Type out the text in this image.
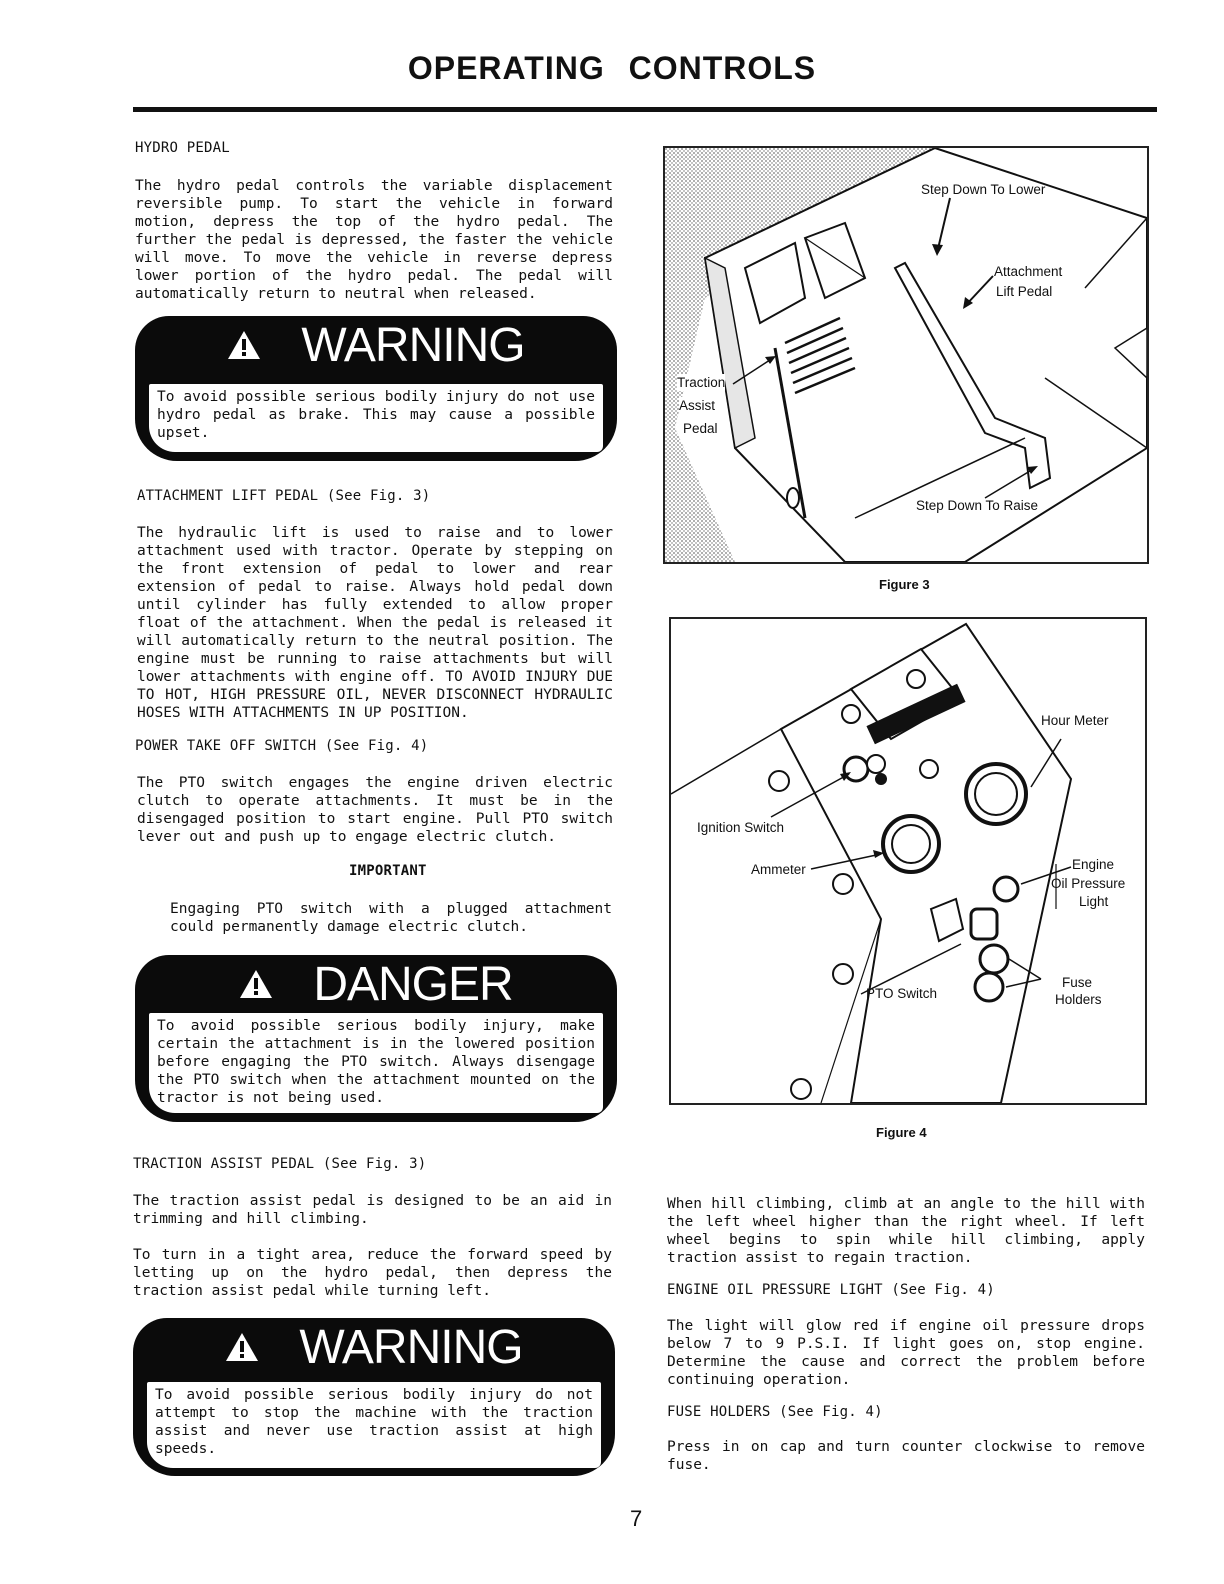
OPERATING CONTROLS
HYDRO PEDAL
The hydro pedal controls the variable displacement reversible pump. To start the vehicle in forward motion, depress the top of the hydro pedal. The further the pedal is depressed, the faster the vehicle will move. To move the vehicle in reverse depress lower portion of the hydro pedal. The pedal will automatically return to neutral when released.
WARNING
To avoid possible serious bodily injury do not use hydro pedal as brake. This may cause a possible upset.
ATTACHMENT LIFT PEDAL (See Fig. 3)
The hydraulic lift is used to raise and to lower attachment used with tractor. Operate by stepping on the front extension of pedal to lower and rear extension of pedal to raise. Always hold pedal down until cylinder has fully extended to allow proper float of the attachment. When the pedal is released it will automatically return to the neutral position. The engine must be running to raise attachments but will lower attachments with engine off. TO AVOID INJURY DUE TO HOT, HIGH PRESSURE OIL, NEVER DISCONNECT HYDRAULIC HOSES WITH ATTACHMENTS IN UP POSITION.
POWER TAKE OFF SWITCH (See Fig. 4)
The PTO switch engages the engine driven electric clutch to operate attachments. It must be in the disengaged position to start engine. Pull PTO switch lever out and push up to engage electric clutch.
IMPORTANT
Engaging PTO switch with a plugged attachment could permanently damage electric clutch.
DANGER
To avoid possible serious bodily injury, make certain the attachment is in the lowered position before engaging the PTO switch. Always disengage the PTO switch when the attachment mounted on the tractor is not being used.
TRACTION ASSIST PEDAL (See Fig. 3)
The traction assist pedal is designed to be an aid in trimming and hill climbing.
To turn in a tight area, reduce the forward speed by letting up on the hydro pedal, then depress the traction assist pedal while turning left.
WARNING
To avoid possible serious bodily injury do not attempt to stop the machine with the traction assist and never use traction assist at high speeds.
Step Down To Lower
Attachment
Lift Pedal
Traction
Assist
Pedal
Step Down To Raise
Figure 3
Hour Meter
Ignition Switch
Ammeter	Engine
Oil Pressure
Light
PTO Switch
Fuse
Holders
Figure 4
When hill climbing, climb at an angle to the hill with the left wheel higher than the right wheel. If left wheel begins to spin while hill climbing, apply traction assist to regain traction.
ENGINE OIL PRESSURE LIGHT (See Fig. 4)
The light will glow red if engine oil pressure drops below 7 to 9 P.S.I. If light goes on, stop engine. Determine the cause and correct the problem before continuing operation.
FUSE HOLDERS (See Fig. 4)
Press in on cap and turn counter clockwise to remove fuse.
7
